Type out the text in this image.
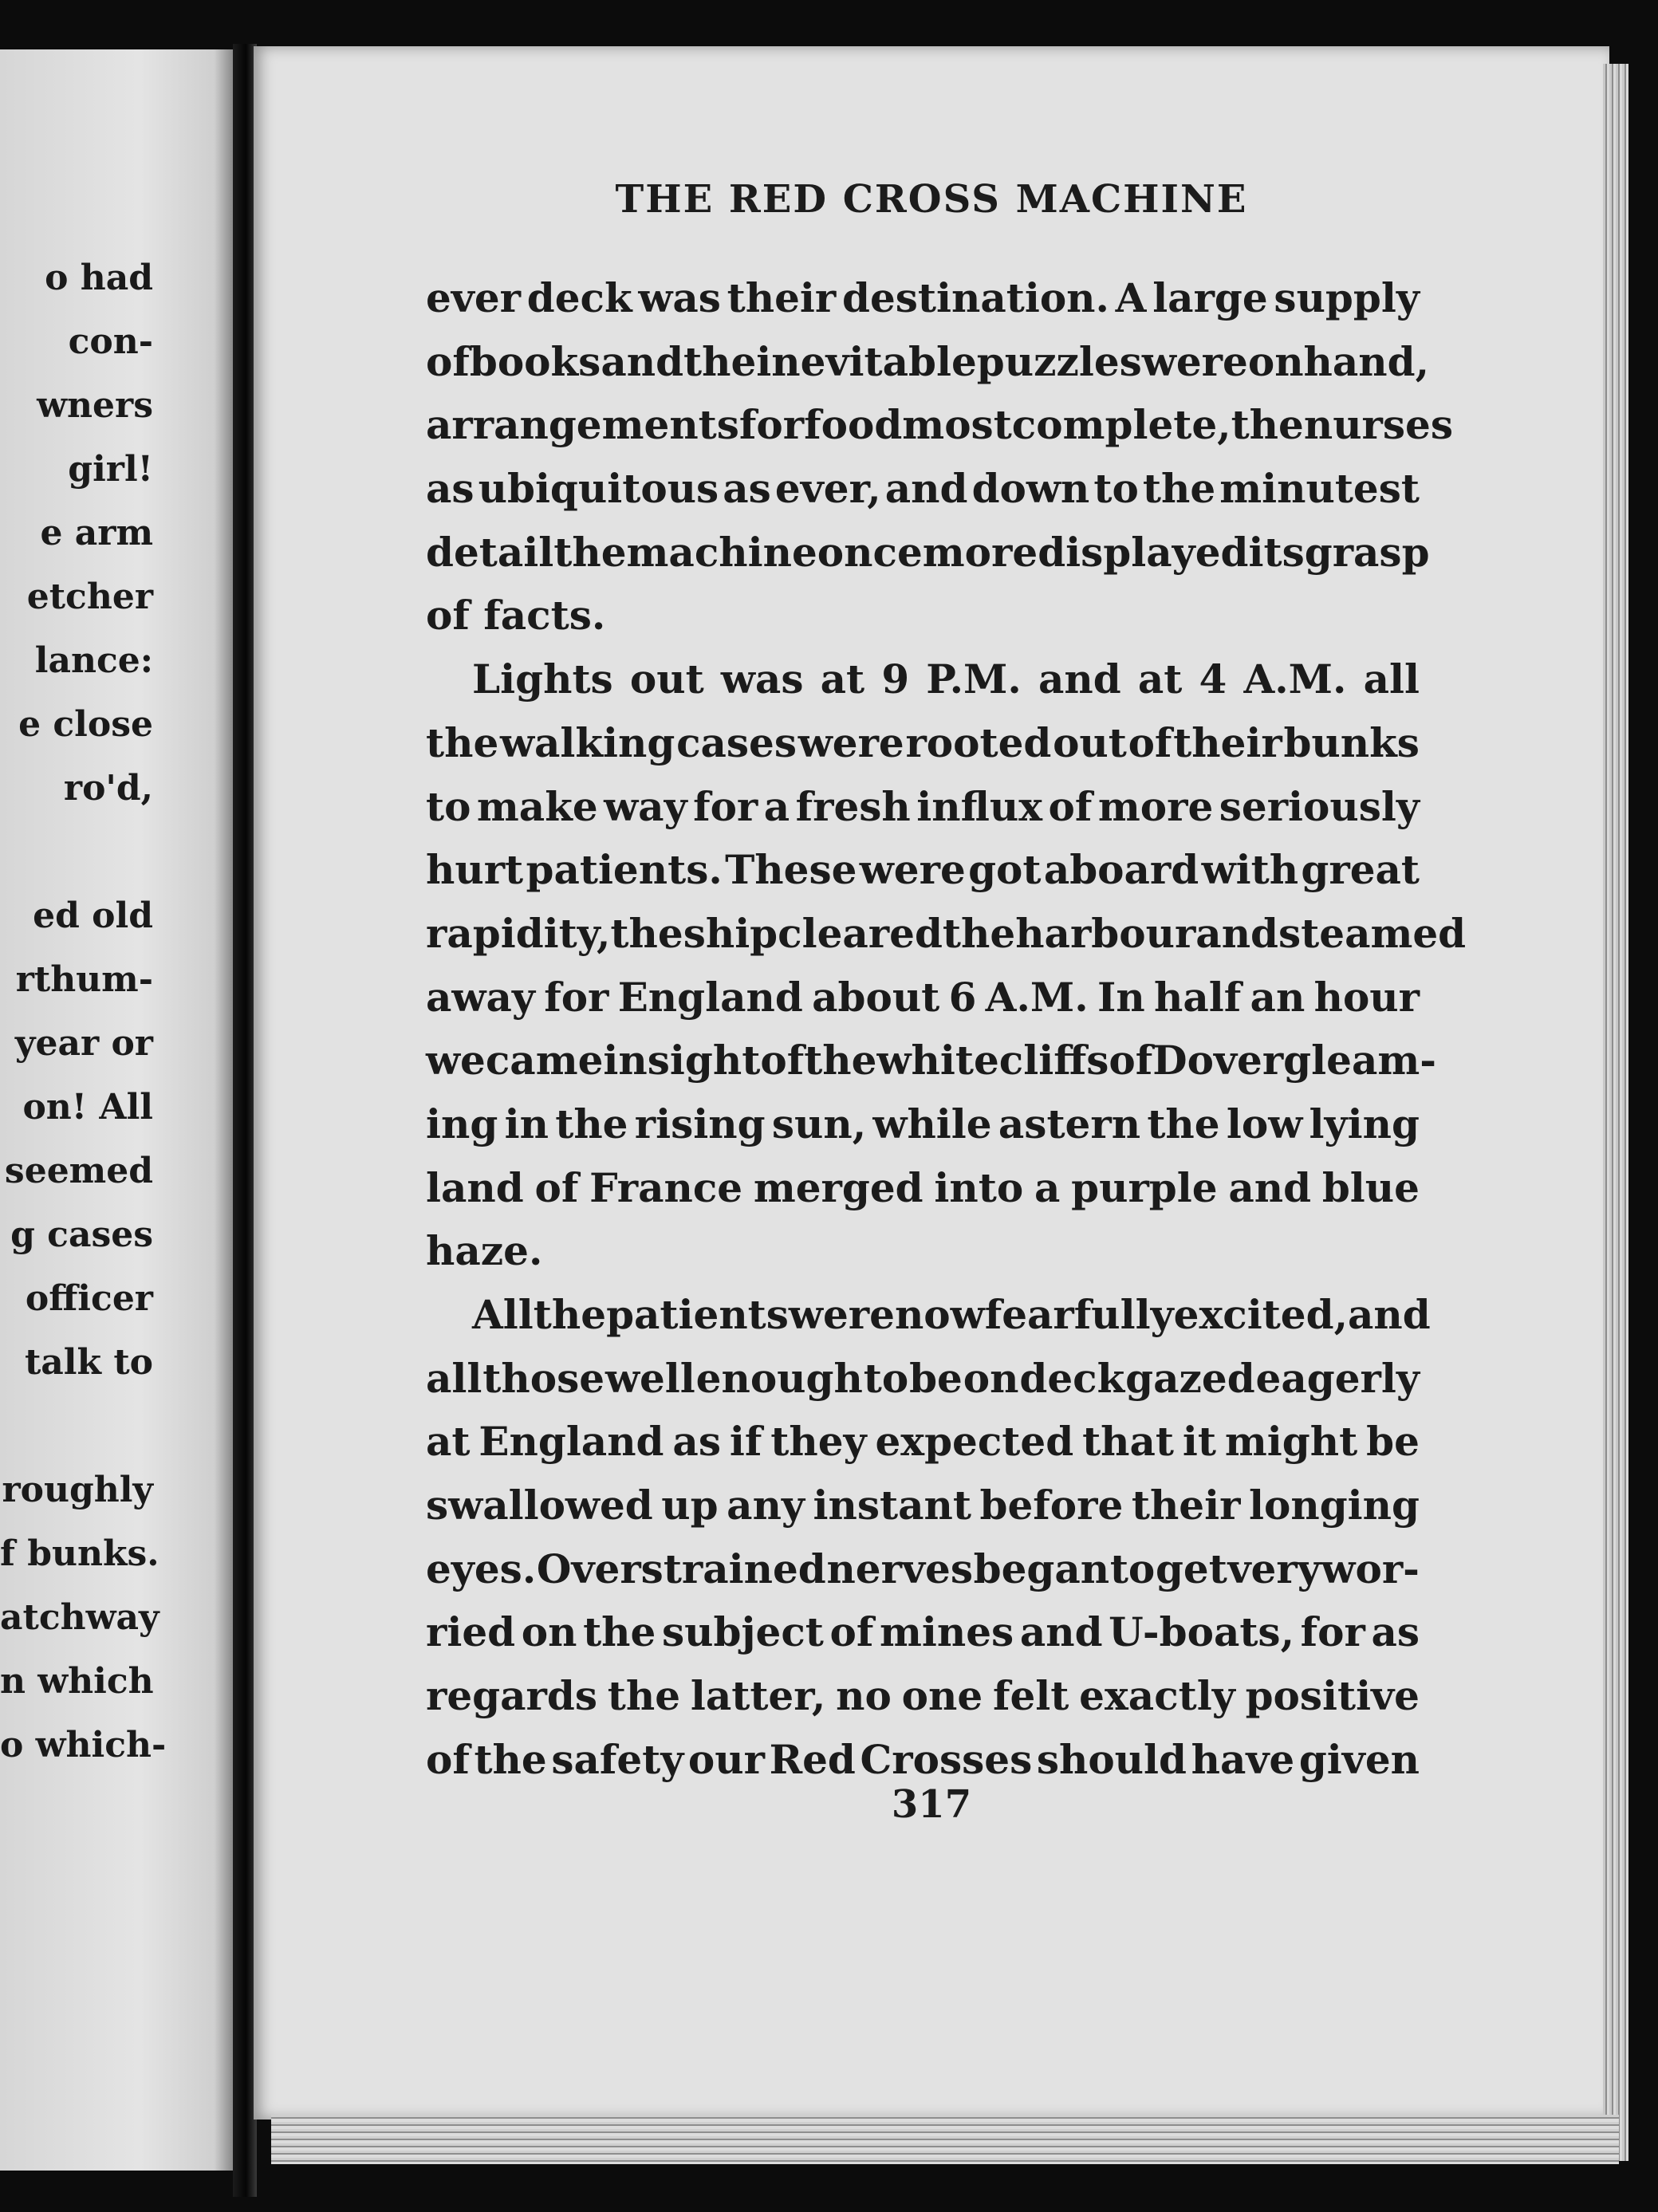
o had
con-
wners
girl!
e arm
etcher
lance:
e close
ro'd,
ed old
rthum-
year or
on! All
seemed
g cases
officer
talk to
roughly
f bunks.
atchway
n which
o which-
THE RED CROSS MACHINE
ever deck was their destination. A large supply
of books and the inevitable puzzles were on hand,
arrangements for food most complete, the nurses
as ubiquitous as ever, and down to the minutest
detail the machine once more displayed its grasp
of facts.
Lights out was at 9 P.M. and at 4 A.M. all
the walking cases were rooted out of their bunks
to make way for a fresh influx of more seriously
hurt patients. These were got aboard with great
rapidity, the ship cleared the harbour and steamed
away for England about 6 A.M. In half an hour
we came in sight of the white cliffs of Dover gleam-
ing in the rising sun, while astern the low lying
land of France merged into a purple and blue
haze.
All the patients were now fearfully excited, and
all those well enough to be on deck gazed eagerly
at England as if they expected that it might be
swallowed up any instant before their longing
eyes. Overstrained nerves began to get very wor-
ried on the subject of mines and U-boats, for as
regards the latter, no one felt exactly positive
of the safety our Red Crosses should have given
317
